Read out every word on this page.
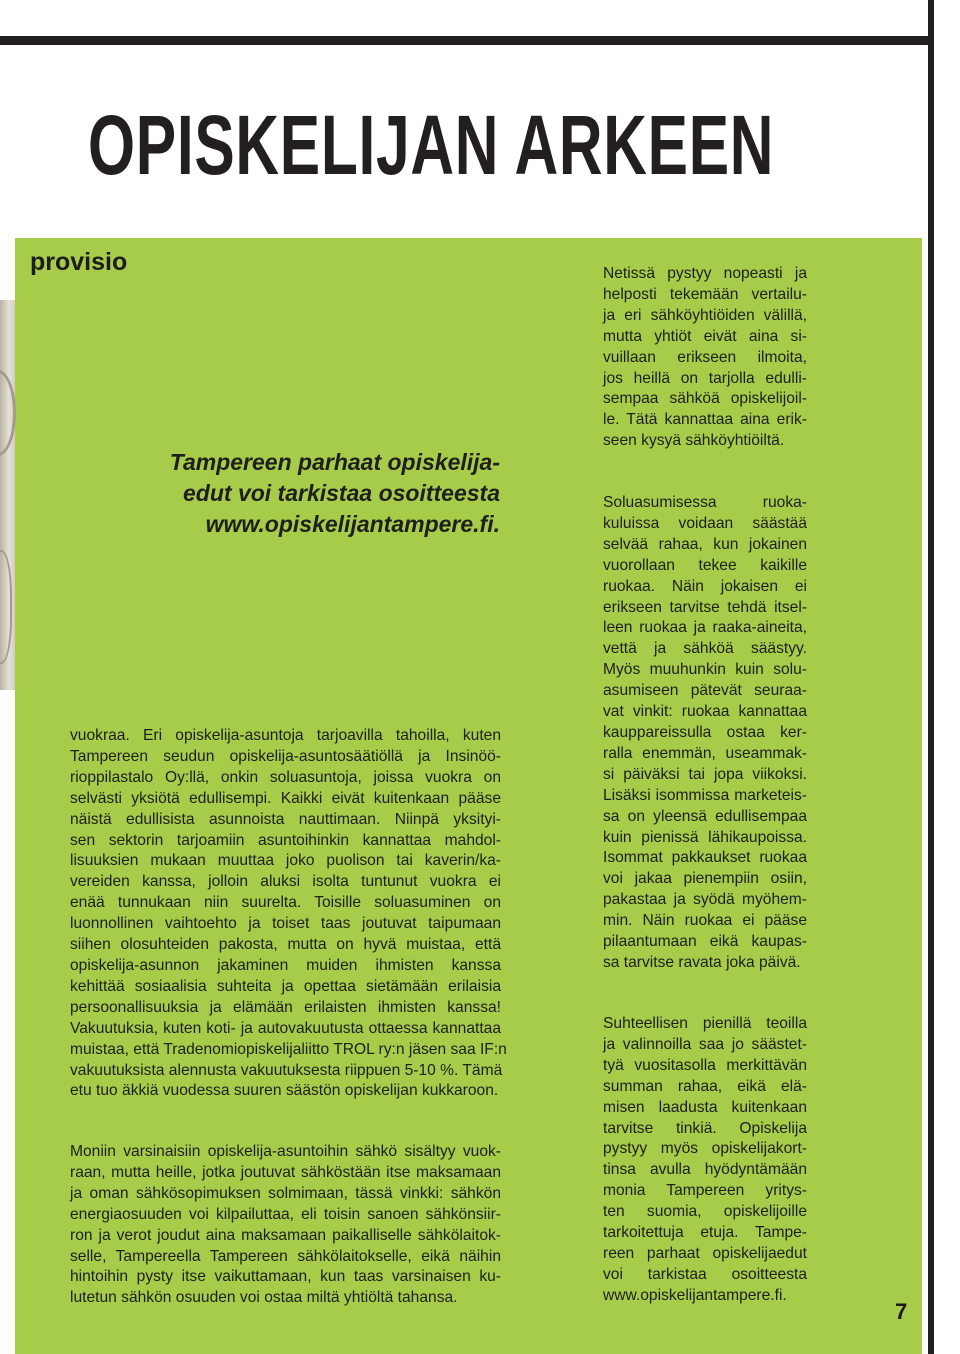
OPISKELIJAN ARKEEN
provisio
Tampereen parhaat opiskelija-
edut voi tarkistaa osoitteesta
www.opiskelijantampere.fi.
vuokraa. Eri opiskelija-asuntoja tarjoavilla tahoilla, kuten
Tampereen seudun opiskelija-asuntosäätiöllä ja Insinöö-
rioppilastalo Oy:llä, onkin soluasuntoja, joissa vuokra on
selvästi yksiötä edullisempi. Kaikki eivät kuitenkaan pääse
näistä edullisista asunnoista nauttimaan. Niinpä yksityi-
sen sektorin tarjoamiin asuntoihinkin kannattaa mahdol-
lisuuksien mukaan muuttaa joko puolison tai kaverin/ka-
vereiden kanssa, jolloin aluksi isolta tuntunut vuokra ei
enää tunnukaan niin suurelta. Toisille soluasuminen on
luonnollinen vaihtoehto ja toiset taas joutuvat taipumaan
siihen olosuhteiden pakosta, mutta on hyvä muistaa, että
opiskelija-asunnon jakaminen muiden ihmisten kanssa
kehittää sosiaalisia suhteita ja opettaa sietämään erilaisia
persoonallisuuksia ja elämään erilaisten ihmisten kanssa!
Vakuutuksia, kuten koti- ja autovakuutusta ottaessa kannattaa
muistaa, että Tradenomiopiskelijaliitto TROL ry:n jäsen saa IF:n
vakuutuksista alennusta vakuutuksesta riippuen 5-10 %. Tämä
etu tuo äkkiä vuodessa suuren säästön opiskelijan kukkaroon.
Moniin varsinaisiin opiskelija-asuntoihin sähkö sisältyy vuok-
raan, mutta heille, jotka joutuvat sähköstään itse maksamaan
ja oman sähkösopimuksen solmimaan, tässä vinkki: sähkön
energiaosuuden voi kilpailuttaa, eli toisin sanoen sähkönsiir-
ron ja verot joudut aina maksamaan paikalliselle sähkölaitok-
selle, Tampereella Tampereen sähkölaitokselle, eikä näihin
hintoihin pysty itse vaikuttamaan, kun taas varsinaisen ku-
lutetun sähkön osuuden voi ostaa miltä yhtiöltä tahansa.
Netissä pystyy nopeasti ja
helposti tekemään vertailu-
ja eri sähköyhtiöiden välillä,
mutta yhtiöt eivät aina si-
vuillaan erikseen ilmoita,
jos heillä on tarjolla edulli-
sempaa sähköä opiskelijoil-
le. Tätä kannattaa aina erik-
seen kysyä sähköyhtiöiltä.
Soluasumisessa ruoka-
kuluissa voidaan säästää
selvää rahaa, kun jokainen
vuorollaan tekee kaikille
ruokaa. Näin jokaisen ei
erikseen tarvitse tehdä itsel-
leen ruokaa ja raaka-aineita,
vettä ja sähköä säästyy.
Myös muuhunkin kuin solu-
asumiseen pätevät seuraa-
vat vinkit: ruokaa kannattaa
kauppareissulla ostaa ker-
ralla enemmän, useammak-
si päiväksi tai jopa viikoksi.
Lisäksi isommissa marketeis-
sa on yleensä edullisempaa
kuin pienissä lähikaupoissa.
Isommat pakkaukset ruokaa
voi jakaa pienempiin osiin,
pakastaa ja syödä myöhem-
min. Näin ruokaa ei pääse
pilaantumaan eikä kaupas-
sa tarvitse ravata joka päivä.
Suhteellisen pienillä teoilla
ja valinnoilla saa jo säästet-
tyä vuositasolla merkittävän
summan rahaa, eikä elä-
misen laadusta kuitenkaan
tarvitse tinkiä. Opiskelija
pystyy myös opiskelijakort-
tinsa avulla hyödyntämään
monia Tampereen yritys-
ten suomia, opiskelijoille
tarkoitettuja etuja. Tampe-
reen parhaat opiskelijaedut
voi tarkistaa osoitteesta
www.opiskelijantampere.fi.
7
